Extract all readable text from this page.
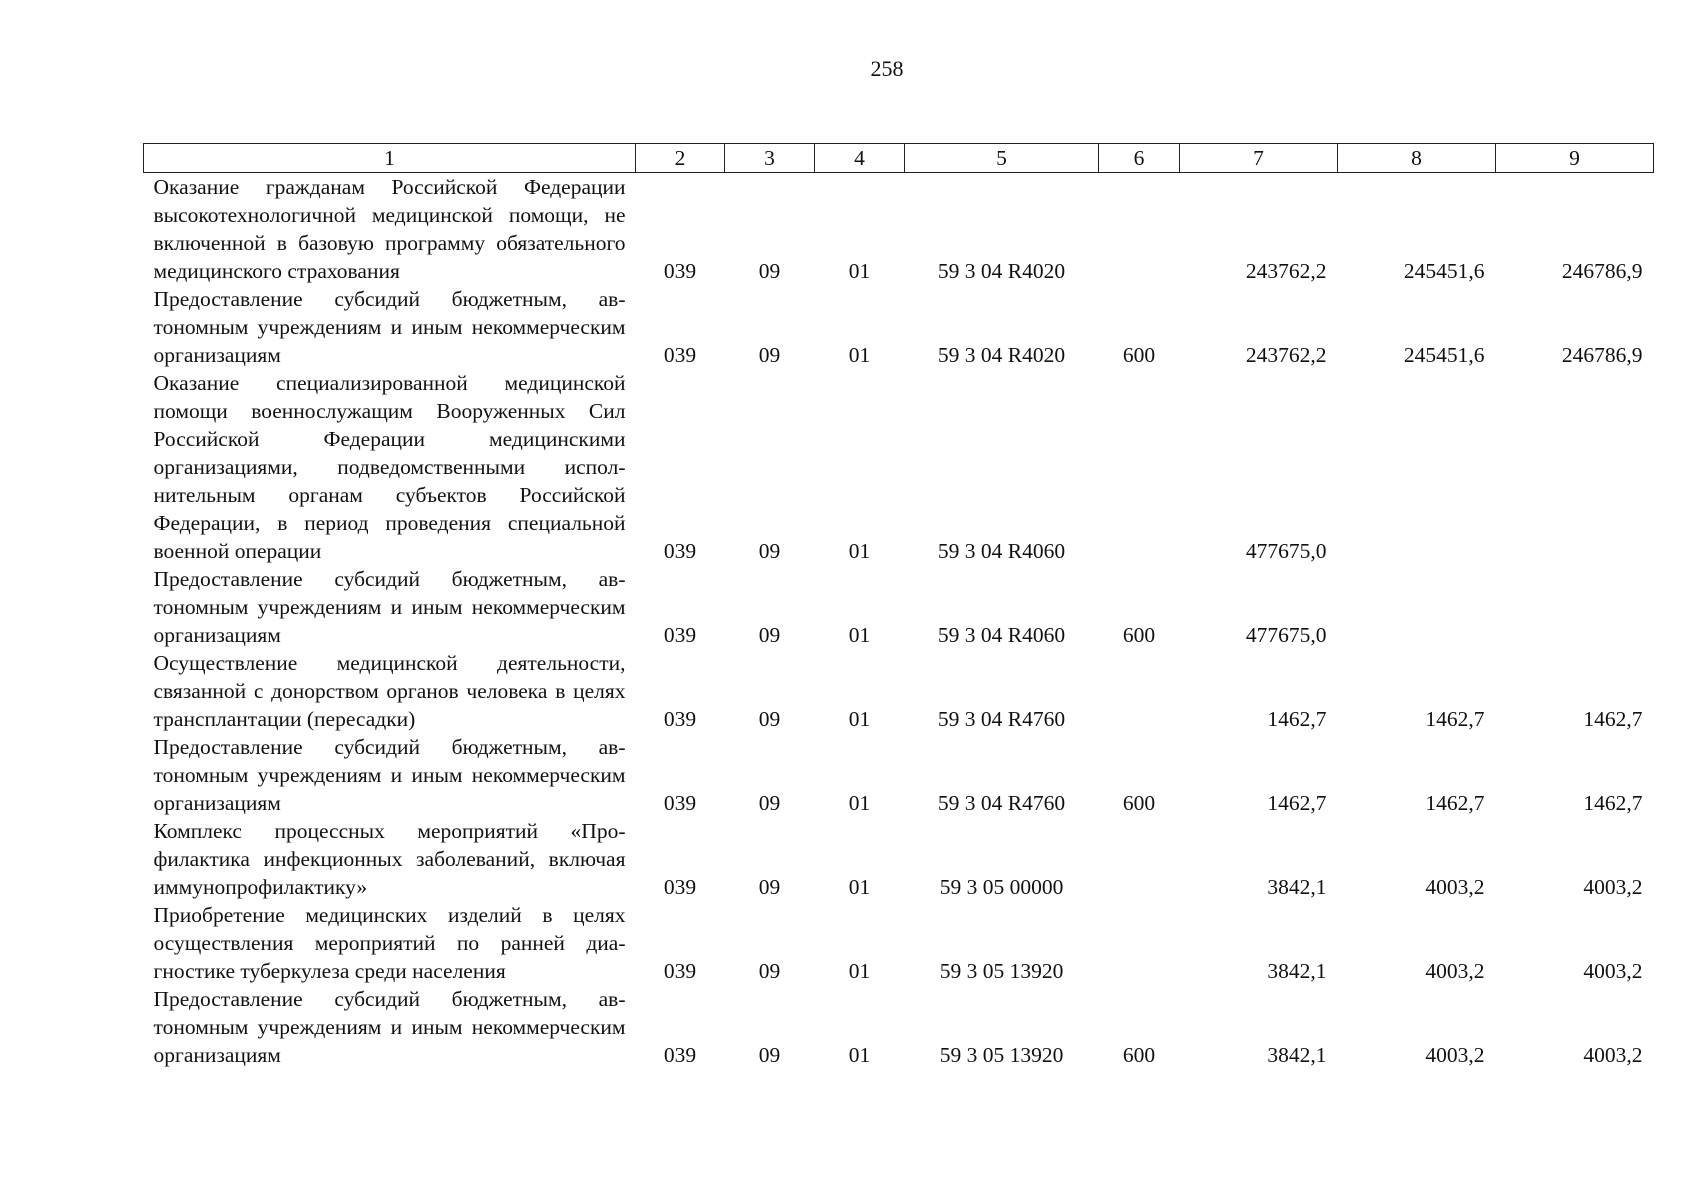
258
1	2	3	4	5	6	7	8	9
Оказание гражданам Российской Федерации высокотехнологичной медицинской помощи, не включенной в базовую программу обязательного медицинского страхования	039	09	01	59 3 04 R4020		243762,2	245451,6	246786,9
Предоставление субсидий бюджетным, автономным учреждениям и иным некоммерческим организациям	039	09	01	59 3 04 R4020	600	243762,2	245451,6	246786,9
Оказание специализированной медицинской помощи военнослужащим Вооруженных Сил Российской Федерации медицинскими организациями, подведомственными исполнительным органам субъектов Российской Федерации, в период проведения специальной военной операции	039	09	01	59 3 04 R4060		477675,0		
Предоставление субсидий бюджетным, автономным учреждениям и иным некоммерческим организациям	039	09	01	59 3 04 R4060	600	477675,0		
Осуществление медицинской деятельности, связанной с донорством органов человека в целях трансплантации (пересадки)	039	09	01	59 3 04 R4760		1462,7	1462,7	1462,7
Предоставление субсидий бюджетным, автономным учреждениям и иным некоммерческим организациям	039	09	01	59 3 04 R4760	600	1462,7	1462,7	1462,7
Комплекс процессных мероприятий «Профилактика инфекционных заболеваний, включая иммунопрофилактику»	039	09	01	59 3 05 00000		3842,1	4003,2	4003,2
Приобретение медицинских изделий в целях осуществления мероприятий по ранней диагностике туберкулеза среди населения	039	09	01	59 3 05 13920		3842,1	4003,2	4003,2
Предоставление субсидий бюджетным, автономным учреждениям и иным некоммерческим организациям	039	09	01	59 3 05 13920	600	3842,1	4003,2	4003,2
